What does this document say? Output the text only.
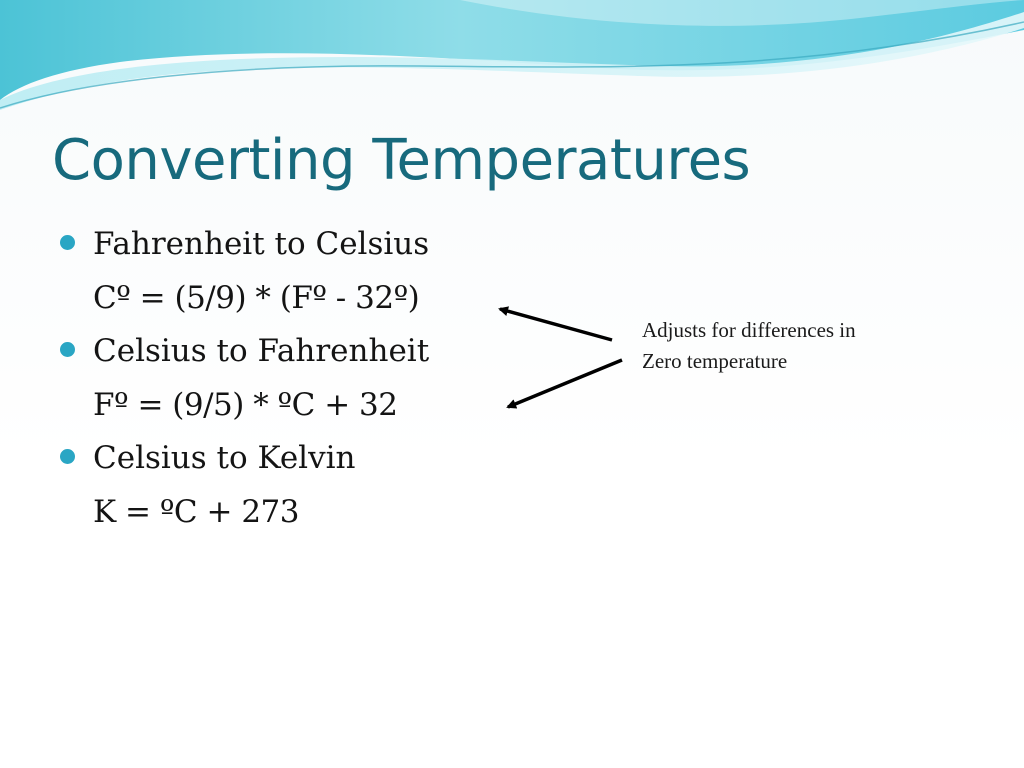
Converting Temperatures
Fahrenheit to Celsius
Cº = (5/9) * (Fº - 32º)
Celsius to Fahrenheit
Fº = (9/5) * ºC + 32
Celsius to Kelvin
K = ºC + 273
Adjusts for differences in
Zero temperature
